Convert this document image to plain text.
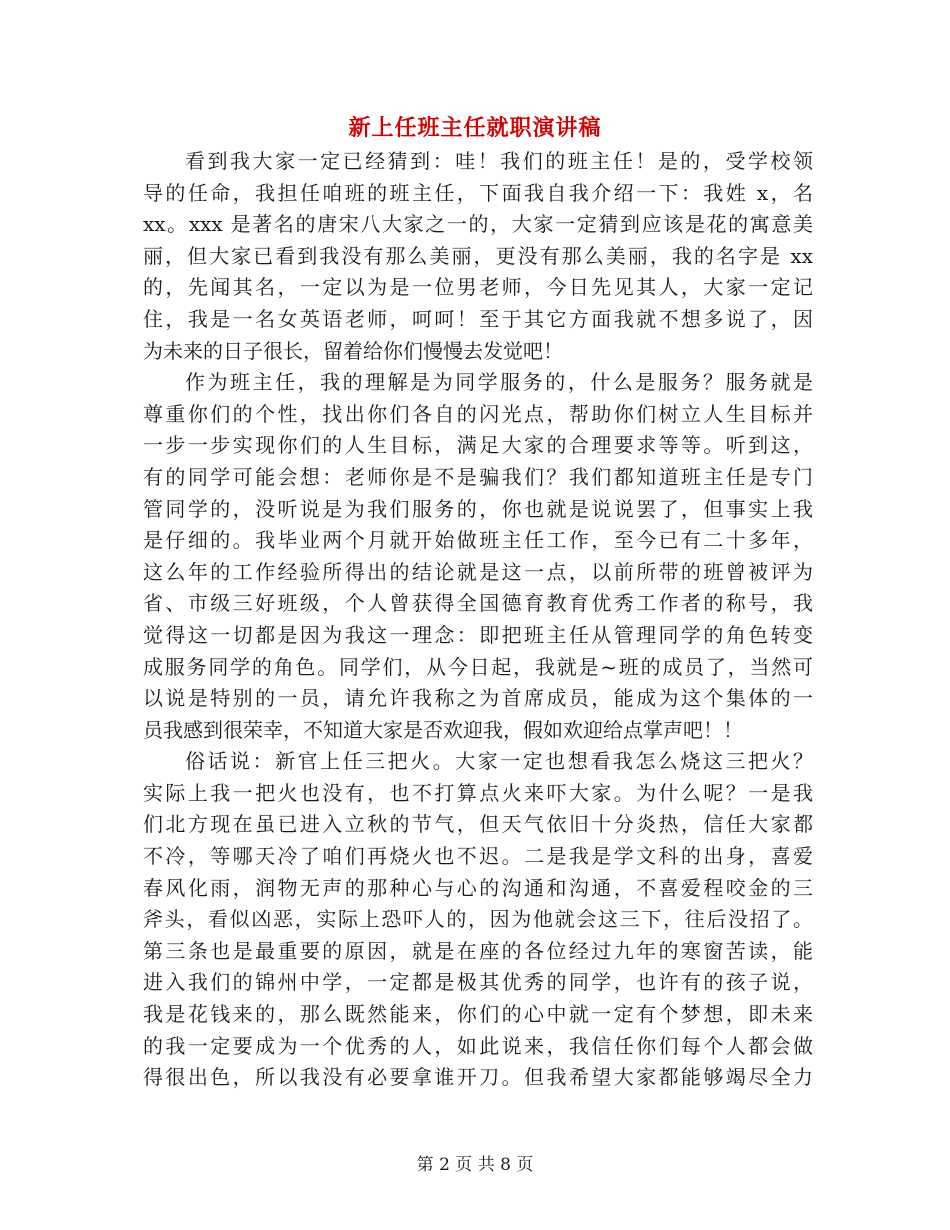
新上任班主任就职演讲稿
看到我大家一定已经猜到：哇！我们的班主任！是的，受学校领
导的任命，我担任咱班的班主任，下面我自我介绍一下：我姓 x，名
xx。xxx 是著名的唐宋八大家之一的，大家一定猜到应该是花的寓意美
丽，但大家已看到我没有那么美丽，更没有那么美丽，我的名字是 xx
的，先闻其名，一定以为是一位男老师，今日先见其人，大家一定记
住，我是一名女英语老师，呵呵！至于其它方面我就不想多说了，因
为未来的日子很长，留着给你们慢慢去发觉吧！
作为班主任，我的理解是为同学服务的，什么是服务？服务就是
尊重你们的个性，找出你们各自的闪光点，帮助你们树立人生目标并
一步一步实现你们的人生目标，满足大家的合理要求等等。听到这，
有的同学可能会想：老师你是不是骗我们？我们都知道班主任是专门
管同学的，没听说是为我们服务的，你也就是说说罢了，但事实上我
是仔细的。我毕业两个月就开始做班主任工作，至今已有二十多年，
这么年的工作经验所得出的结论就是这一点，以前所带的班曾被评为
省、市级三好班级，个人曾获得全国德育教育优秀工作者的称号，我
觉得这一切都是因为我这一理念：即把班主任从管理同学的角色转变
成服务同学的角色。同学们，从今日起，我就是~班的成员了，当然可
以说是特别的一员，请允许我称之为首席成员，能成为这个集体的一
员我感到很荣幸，不知道大家是否欢迎我，假如欢迎给点掌声吧！！
俗话说：新官上任三把火。大家一定也想看我怎么烧这三把火？
实际上我一把火也没有，也不打算点火来吓大家。为什么呢？一是我
们北方现在虽已进入立秋的节气，但天气依旧十分炎热，信任大家都
不冷，等哪天冷了咱们再烧火也不迟。二是我是学文科的出身，喜爱
春风化雨，润物无声的那种心与心的沟通和沟通，不喜爱程咬金的三
斧头，看似凶恶，实际上恐吓人的，因为他就会这三下，往后没招了。
第三条也是最重要的原因，就是在座的各位经过九年的寒窗苦读，能
进入我们的锦州中学，一定都是极其优秀的同学，也许有的孩子说，
我是花钱来的，那么既然能来，你们的心中就一定有个梦想，即未来
的我一定要成为一个优秀的人，如此说来，我信任你们每个人都会做
得很出色，所以我没有必要拿谁开刀。但我希望大家都能够竭尽全力
第 2 页 共 8 页
